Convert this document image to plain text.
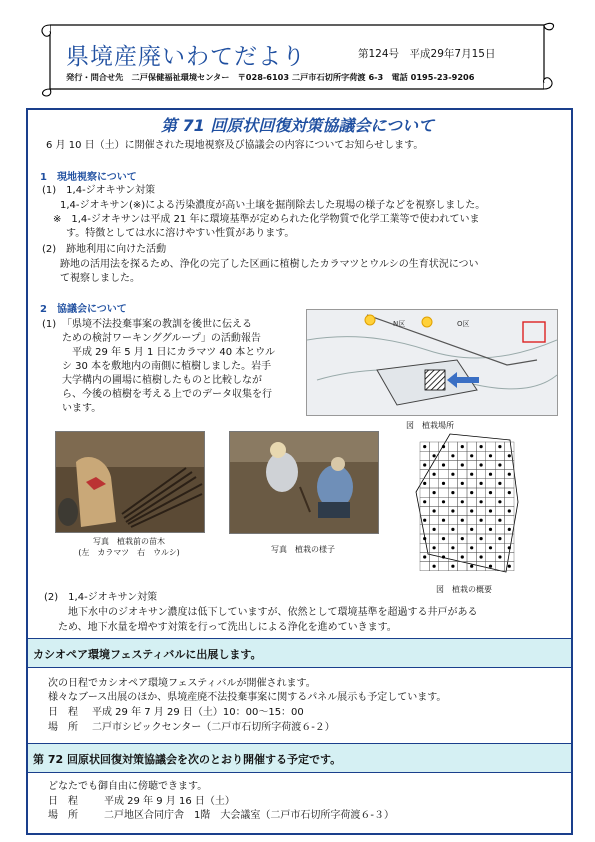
県境産廃いわてだより	第124号　平成29年7月15日
発行・問合せ先　二戸保健福祉環境センター　〒028-6103 二戸市石切所字荷渡 6-3　電話 0195-23-9206
第 71 回原状回復対策協議会について
6 月 10 日（土）に開催された現地視察及び協議会の内容についてお知らせします。
1　現地視察について
(1)　1,4-ジオキサン対策
1,4-ジオキサン(※)による汚染濃度が高い土壌を掘削除去した現場の様子などを視察しました。
※　1,4-ジオキサンは平成 21 年に環境基準が定められた化学物質で化学工業等で使われていま
す。特徴としては水に溶けやすい性質があります。
(2)　跡地利用に向けた活動
跡地の活用法を探るため、浄化の完了した区画に植樹したカラマツとウルシの生育状況につい
て視察しました。
2　協議会について
(1) 「県境不法投棄事案の教訓を後世に伝える
ための検討ワーキンググループ」の活動報告
平成 29 年 5 月 1 日にカラマツ 40 本とウル
シ 30 本を敷地内の南側に植樹しました。岩手
大学構内の圃場に植樹したものと比較しなが
ら、今後の植樹を考える上でのデータ収集を行
います。
N区	O区
図　植栽場所
写真　植栽前の苗木
(左　カラマツ　右　ウルシ)	写真　植栽の様子
図　植栽の概要
(2)　1,4-ジオキサン対策
地下水中のジオキサン濃度は低下していますが、依然として環境基準を超過する井戸がある
ため、地下水量を増やす対策を行って洗出しによる浄化を進めていきます。
カシオペア環境フェスティバルに出展します。
次の日程でカシオペア環境フェスティバルが開催されます。
様々なブース出展のほか、県境産廃不法投棄事案に関するパネル展示も予定しています。
日　程 平成 29 年 7 月 29 日（土）10：00～15：00
場　所 二戸市シビックセンター（二戸市石切所字荷渡６-２）
第 72 回原状回復対策協議会を次のとおり開催する予定です。
どなたでも御自由に傍聴できます。
日　程	平成 29 年 9 月 16 日（土）
場　所	二戸地区合同庁舎　1階　大会議室（二戸市石切所字荷渡６-３）
